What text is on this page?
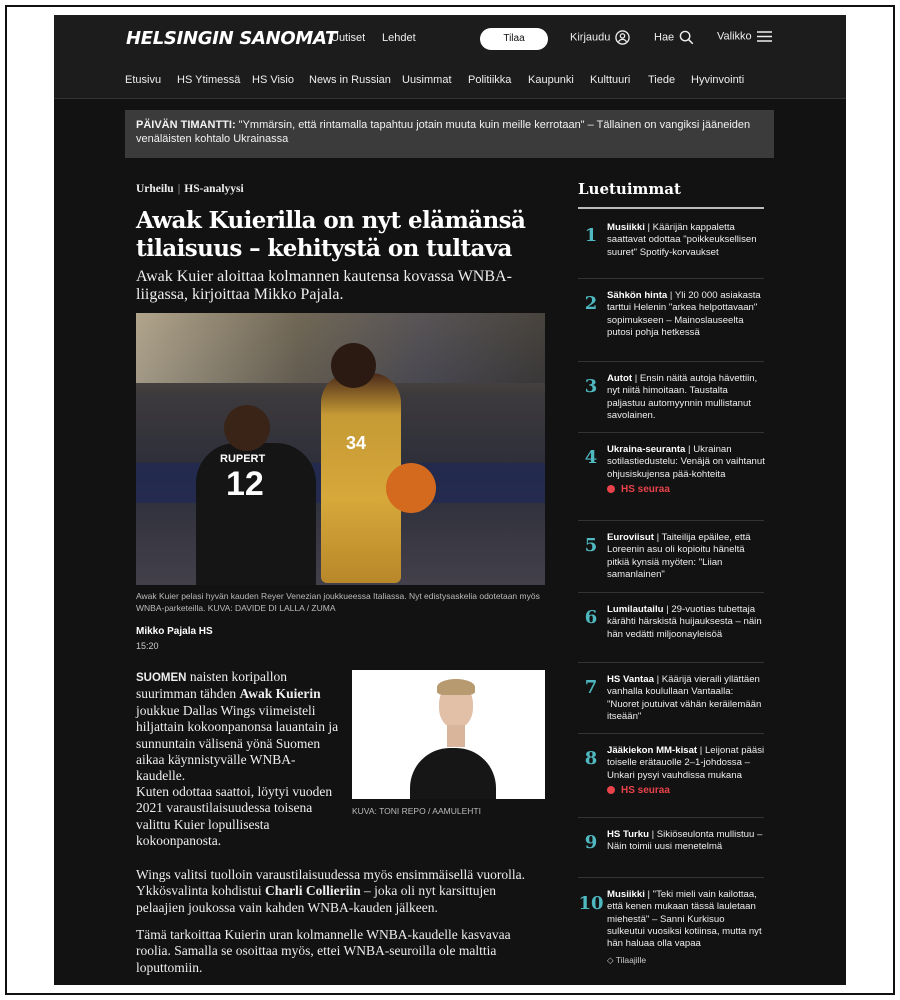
HELSINGIN SANOMAT
Uutiset Lehdet	Tilaa	Kirjaudu	Hae	Valikko
Etusivu HS Ytimessä HS Visio News in Russian Uusimmat Politiikka Kaupunki Kulttuuri Tiede Hyvinvointi
PÄIVÄN TIMANTTI: "Ymmärsin, että rintamalla tapahtuu jotain muuta kuin meille kerrotaan" – Tällainen on vangiksi jääneiden venäläisten kohtalo Ukrainassa
Urheilu | HS-analyysi
Awak Kuierilla on nyt elämänsä tilaisuus – kehitystä on tultava

Awak Kuier aloittaa kolmannen kautensa kovassa WNBA-liigassa, kirjoittaa Mikko Pajala.

RUPERT
12
34

Awak Kuier pelasi hyvän kauden Reyer Venezian joukkueessa Italiassa. Nyt edistysaskelia odotetaan myös WNBA-parketeilla. KUVA: DAVIDE DI LALLA / ZUMA

Mikko Pajala HS
15:20

SUOMEN naisten koripallon suurimman tähden Awak Kuierin joukkue Dallas Wings viimeisteli hiljattain kokoonpanonsa lauantain ja sunnuntain välisenä yönä Suomen aikaa käynnistyvälle WNBA-kaudelle.

Kuten odottaa saattoi, löytyi vuoden 2021 varaustilaisuudessa toisena valittu Kuier lopullisesta kokoonpanosta.

KUVA: TONI REPO / AAMULEHTI

Wings valitsi tuolloin varaustilaisuudessa myös ensimmäisellä vuorolla. Ykkösvalinta kohdistui Charli Collieriin – joka oli nyt karsittujen pelaajien joukossa vain kahden WNBA-kauden jälkeen.

Tämä tarkoittaa Kuierin uran kolmannelle WNBA-kaudelle kasvavaa roolia. Samalla se osoittaa myös, ettei WNBA-seuroilla ole malttia loputtomiin.

Luetuimmat
1	Musiikki | Käärijän kappaletta saattavat odottaa "poikkeuksellisen suuret" Spotify-korvaukset
2	Sähkön hinta | Yli 20 000 asiakasta tarttui Helenin "arkea helpottavaan" sopimukseen – Mainoslauseelta putosi pohja hetkessä
3	Autot | Ensin näitä autoja hävettiin, nyt niitä himoitaan. Taustalta paljastuu automyynnin mullistanut savolainen.
4	Ukraina-seuranta | Ukrainan sotilastiedustelu: Venäjä on vaihtanut ohjusiskujensa pää-kohteita
HS seuraa
5	Euroviisut | Taiteilija epäilee, että Loreenin asu oli kopioitu häneltä pitkiä kynsiä myöten: "Liian samanlainen"
6	Lumilautailu | 29-vuotias tubettaja kärähti härskistä huijauksesta – näin hän vedätti miljoonayleisöä
7	HS Vantaa | Käärijä vieraili yllättäen vanhalla koulullaan Vantaalla: "Nuoret joutuivat vähän keräilemään itseään"
8	Jääkiekon MM-kisat | Leijonat pääsi toiselle erätauolle 2–1-johdossa – Unkari pysyi vauhdissa mukana
HS seuraa
9	HS Turku | Sikiöseulonta mullistuu – Näin toimii uusi menetelmä
10 Musiikki | "Teki mieli vain kailottaa, että kenen mukaan tässä lauletaan miehestä" – Sanni Kurkisuo sulkeutui vuosiksi kotiinsa, mutta nyt hän haluaa olla vapaa
◇ Tilaajille
